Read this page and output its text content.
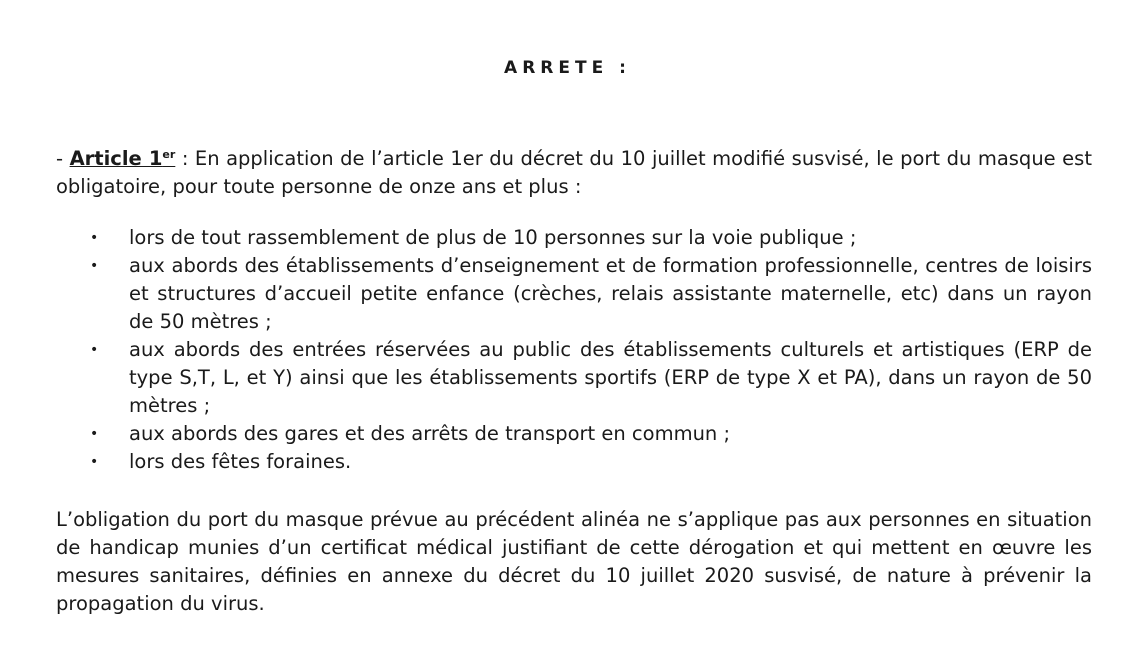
ARRETE :
- Article 1er : En application de l’article 1er du décret du 10 juillet modifié susvisé, le port du masque est obligatoire, pour toute personne de onze ans et plus :
• lors de tout rassemblement de plus de 10 personnes sur la voie publique ;
• aux abords des établissements d’enseignement et de formation professionnelle, centres de loisirs et structures d’accueil petite enfance (crèches, relais assistante maternelle, etc) dans un rayon de 50 mètres ;
• aux abords des entrées réservées au public des établissements culturels et artistiques (ERP de type S,T, L, et Y) ainsi que les établissements sportifs (ERP de type X et PA), dans un rayon de 50 mètres ;
• aux abords des gares et des arrêts de transport en commun ;
• lors des fêtes foraines.
L’obligation du port du masque prévue au précédent alinéa ne s’applique pas aux personnes en situation de handicap munies d’un certificat médical justifiant de cette dérogation et qui mettent en œuvre les mesures sanitaires, définies en annexe du décret du 10 juillet 2020 susvisé, de nature à prévenir la propagation du virus.
